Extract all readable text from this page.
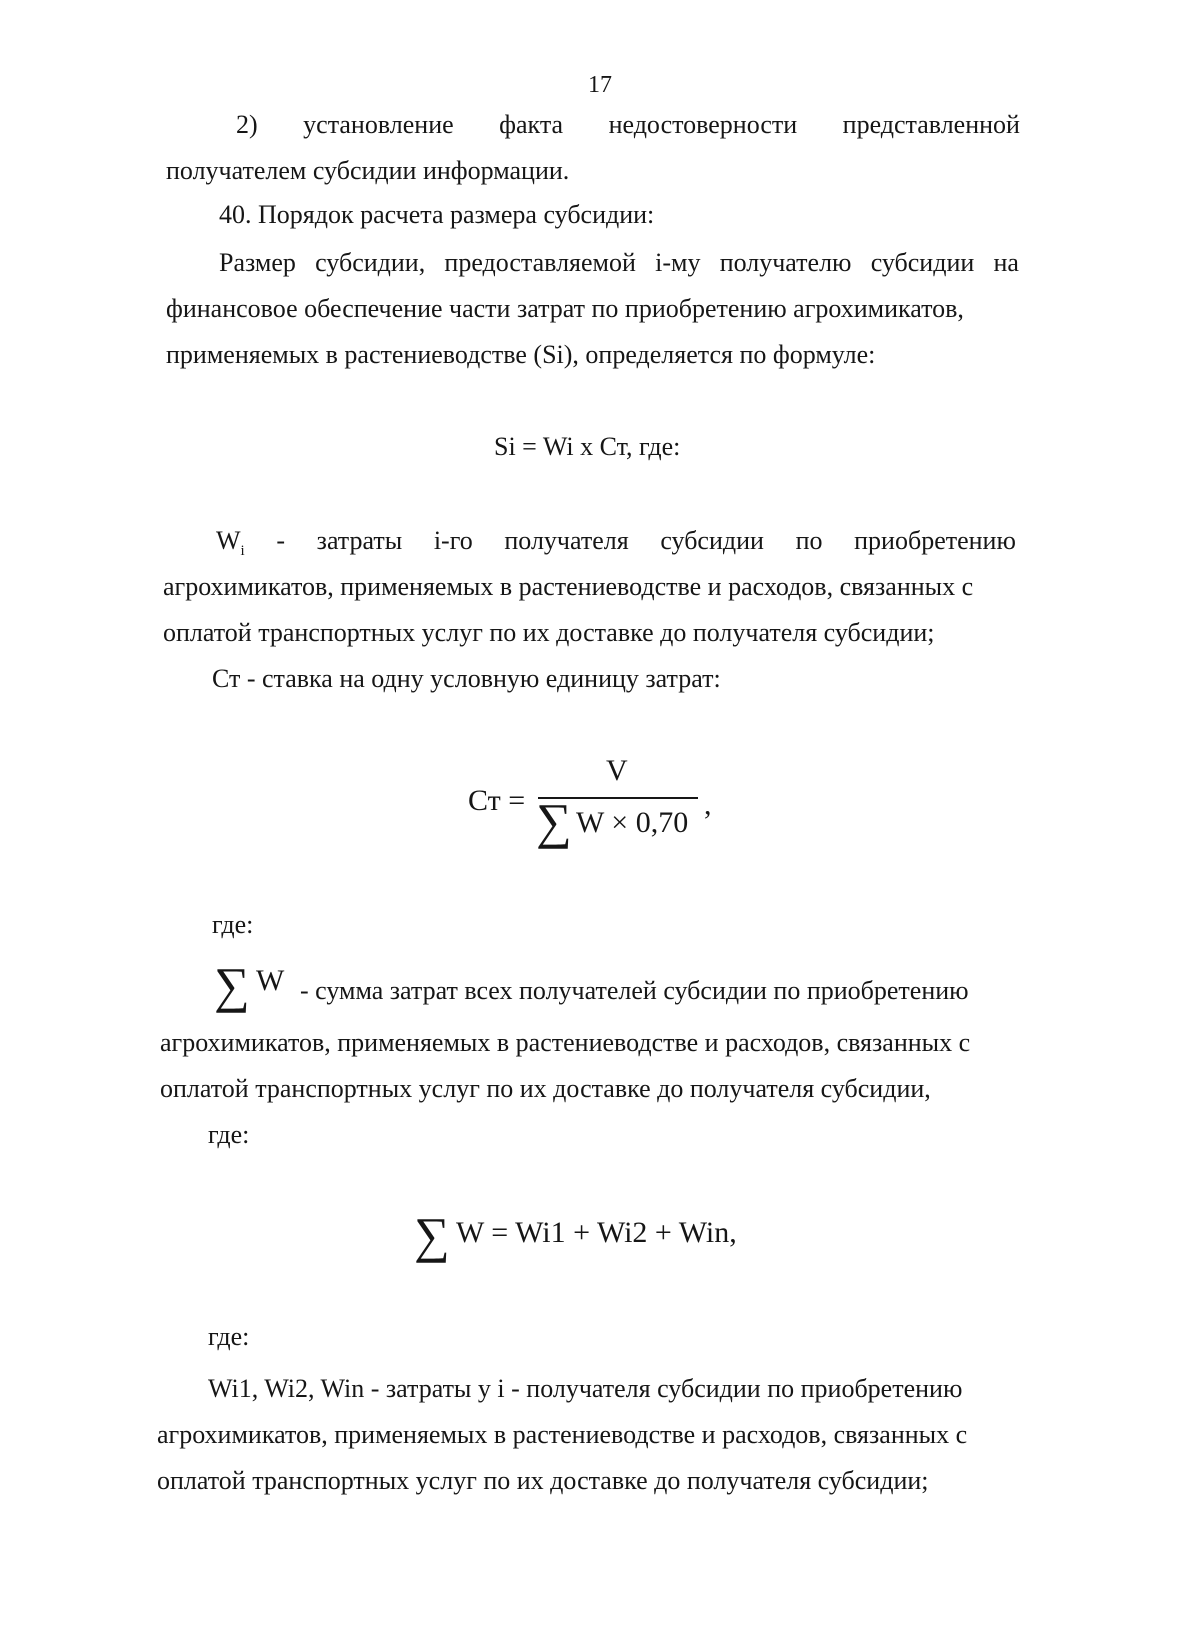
17
2) установление факта недостоверности представленной
получателем субсидии информации.
40. Порядок расчета размера субсидии:
Размер субсидии, предоставляемой i-му получателю субсидии на
финансовое обеспечение части затрат по приобретению агрохимикатов,
применяемых в растениеводстве (Si), определяется по формуле:
Si = Wi x Ст, где:
$W_i$ - затраты i-го получателя субсидии по приобретению
агрохимикатов, применяемых в растениеводстве и расходов, связанных с
оплатой транспортных услуг по их доставке до получателя субсидии;
Ст - ставка на одну условную единицу затрат:
Ст =
V
∑ W × 0,70
,
где:
∑ W - сумма затрат всех получателей субсидии по приобретению
агрохимикатов, применяемых в растениеводстве и расходов, связанных с
оплатой транспортных услуг по их доставке до получателя субсидии,
где:
∑ W = Wi1 + Wi2 + Win,
где:
Wi1, Wi2, Win - затраты у i - получателя субсидии по приобретению
агрохимикатов, применяемых в растениеводстве и расходов, связанных с
оплатой транспортных услуг по их доставке до получателя субсидии;
